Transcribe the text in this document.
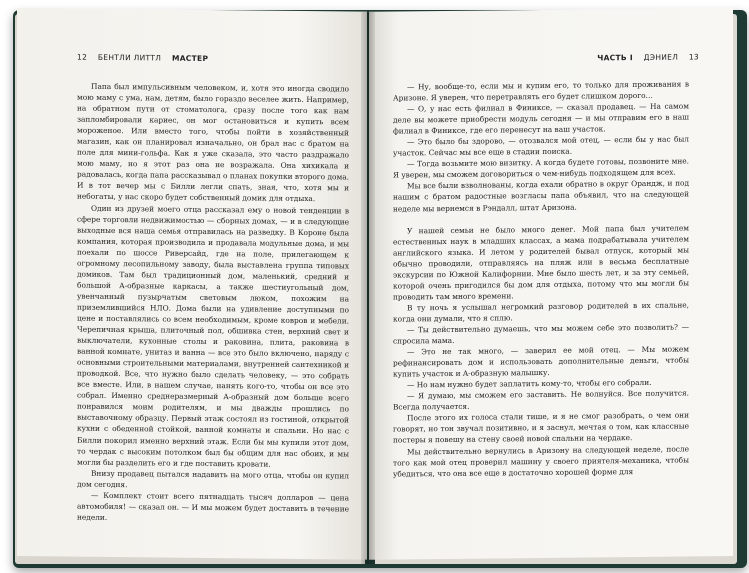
12 БЕНТЛИ ЛИТТЛ МАСТЕР

Папа был импульсивным человеком, и, хотя это иногда сводило мою маму с ума, нам, детям, было гораздо веселее жить. Например, на обратном пути от стоматолога, сразу после того как нам запломбировали кариес, он мог остановиться и купить всем мороженое. Или вместо того, чтобы пойти в хозяйственный магазин, как он планировал изначально, он брал нас с братом на поле для мини-гольфа. Как я уже сказала, это часто раздражало мою маму, но я этот раз она не возражала. Она хихикала и радовалась, когда папа рассказывал о планах покупки второго дома. И в тот вечер мы с Билли легли спать, зная, что, хотя мы и небогаты, у нас скоро будет собственный домик для отдыха.

Один из друзей моего отца рассказал ему о новой тенденции в сфере торговли недвижимостью — сборных домах, — и в следующие выходные вся наша семья отправилась на разведку. В Короне была компания, которая производила и продавала модульные дома, и мы поехали по шоссе Риверсайд, где на поле, прилегающем к огромному лесопильному заводу, была выставлена группа типовых домиков. Там был традиционный дом, маленький, средний и большой A-образные каркасы, а также шестиугольный дом, увенчанный пузырчатым световым люком, похожим на приземлившийся НЛО. Дома были на удивление доступными по цене и поставлялись со всем необходимым, кроме ковров и мебели. Черепичная крыша, плиточный пол, обшивка стен, верхний свет и выключатели, кухонные столы и раковина, плита, раковина в ванной комнате, унитаз и ванна — все это было включено, наряду с основными строительными материалами, внутренней сантехникой и проводкой. Все, что нужно было сделать человеку, — это собрать все вместе. Или, в нашем случае, нанять кого-то, чтобы он все это собрал. Именно среднеразмерный A-образный дом больше всего понравился моим родителям, и мы дважды прошлись по выставочному образцу. Первый этаж состоял из гостиной, открытой кухни с обеденной стойкой, ванной комнаты и спальни. Но нас с Билли покорил именно верхний этаж. Если бы мы купили этот дом, то чердак с высоким потолком был бы общим для нас обоих, и мы могли бы разделить его и где поставить кровати.

Внизу продавец пытался надавить на мого отца, чтобы он купил дом сегодня.

— Комплект стоит всего пятнадцать тысяч долларов — цена автомобиля! — сказал он. — И мы можем будет доставить в течение недели.

ЧАСТЬ I ДЭНИЕЛ 13

— Ну, вообще-то, если мы и купим его, то только для проживания в Аризоне. Я уверен, что перетравлять его будет слишком дорого…

— О, у нас есть филиал в Финиксе, — сказал продавец. — На самом деле вы можете приобрести модуль сегодня — и мы отправим его в наш филиал в Финиксе, где его перенесут на ваш участок.

— Это было бы здорово, — отозвался мой отец, — если бы у нас был участок. Сейчас мы все еще в стадии поиска.

— Тогда возьмите мою визитку. А когда будете готовы, позвоните мне. Я уверен, мы сможем договориться о чем-нибудь подходящем для всех.

Мы все были взволнованы, когда ехали обратно в округ Орандж, и под нашим с братом радостные возгласы папа объявил, что на следующей неделе мы вернемся в Рэндалл, штат Аризона.

У нашей семьи не было много денег. Мой папа был учителем естественных наук в младших классах, а мама подрабатывала учителем английского языка. И летом у родителей бывал отпуск, который мы обычно проводили, отправляясь на пляж или в весьма бесплатные экскурсии по Южной Калифорнии. Мне было шесть лет, и за эту семьей, которой очень пригодился бы дом для отдыха, потому что мы могли бы проводить там много времени.

В ту ночь я услышал негромкий разговор родителей в их спальне, когда они думали, что я сплю.

— Ты действительно думаешь, что мы можем себе это позволить? — спросила мама.

— Это не так много, — заверил ее мой отец. — Мы можем рефинансировать дом и использовать дополнительные деньги, чтобы купить участок и A-образную малышку.

— Но нам нужно будет заплатить кому-то, чтобы его собрали.

— Я думаю, мы сможем его заставить. Не волнуйся. Все получится. Всегда получается.

После этого их голоса стали тише, и я не смог разобрать, о чем они говорят, но тон звучал позитивно, и я заснул, мечтая о том, как классные постеры я повешу на стену своей новой спальни на чердаке.

Мы действительно вернулись в Аризону на следующей неделе, после того как мой отец проверил машину у своего приятеля-механика, чтобы убедиться, что она все еще в достаточно хорошей форме для
